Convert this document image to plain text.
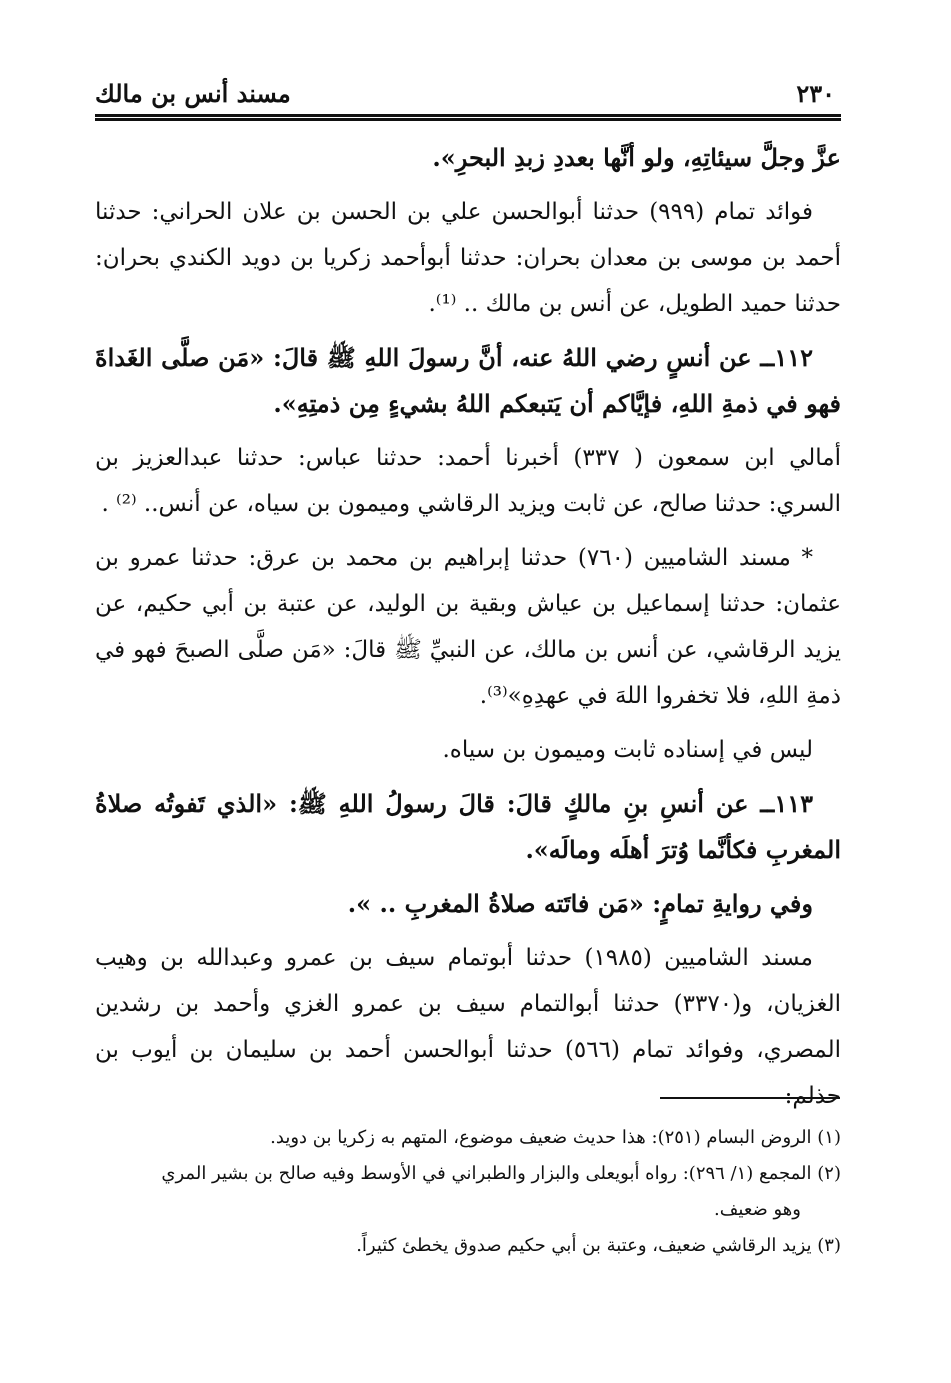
مسند أنس بن مالك	٢٣٠

عزَّ وجلَّ سيئاتِهِ، ولو أنَّها بعددِ زبدِ البحرِ».

فوائد تمام (٩٩٩) حدثنا أبوالحسن علي بن الحسن بن علان الحراني: حدثنا أحمد بن موسى بن معدان بحران: حدثنا أبوأحمد زكريا بن دويد الكندي بحران: حدثنا حميد الطويل، عن أنس بن مالك .. ⁽¹⁾.

١١٢ــ عن أنسٍ رضي اللهُ عنه، أنَّ رسولَ اللهِ ﷺ قالَ: «مَن صلَّى الغَداةَ فهو في ذمةِ اللهِ، فإيَّاكم أن يَتبعكم اللهُ بشيءٍ مِن ذمتِهِ».

أمالي ابن سمعون ( ٣٣٧) أخبرنا أحمد: حدثنا عباس: حدثنا عبدالعزيز بن السري: حدثنا صالح، عن ثابت ويزيد الرقاشي وميمون بن سياه، عن أنس.. ⁽²⁾ .

* مسند الشاميين (٧٦٠) حدثنا إبراهيم بن محمد بن عرق: حدثنا عمرو بن عثمان: حدثنا إسماعيل بن عياش وبقية بن الوليد، عن عتبة بن أبي حكيم، عن يزيد الرقاشي، عن أنس بن مالك، عن النبيِّ ﷺ قالَ: «مَن صلَّى الصبحَ فهو في ذمةِ اللهِ، فلا تخفروا اللهَ في عهدِهِ»⁽³⁾.

ليس في إسناده ثابت وميمون بن سياه.

١١٣ــ عن أنسِ بنِ مالكٍ قالَ: قالَ رسولُ اللهِ ﷺ: «الذي تَفوتُه صلاةُ المغربِ فكأنَّما وُترَ أهلَه ومالَه».

وفي روايةِ تمامٍ: «مَن فاتَته صلاةُ المغربِ .. ».

مسند الشاميين (١٩٨٥) حدثنا أبوتمام سيف بن عمرو وعبدالله بن وهيب الغزيان، و(٣٣٧٠) حدثنا أبوالتمام سيف بن عمرو الغزي وأحمد بن رشدين المصري، وفوائد تمام (٥٦٦) حدثنا أبوالحسن أحمد بن سليمان بن أيوب بن حذلم:

(١) الروض البسام (٢٥١): هذا حديث ضعيف موضوع، المتهم به زكريا بن دويد.

(٢) المجمع (١/ ٢٩٦): رواه أبويعلى والبزار والطبراني في الأوسط وفيه صالح بن بشير المري

وهو ضعيف.

(٣) يزيد الرقاشي ضعيف، وعتبة بن أبي حكيم صدوق يخطئ كثيراً.
